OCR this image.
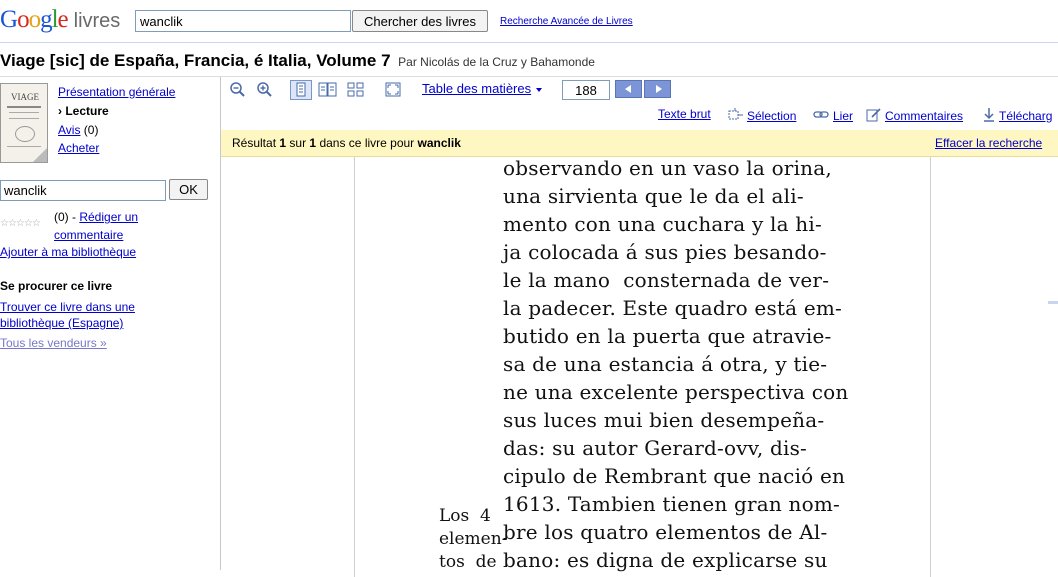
Google livres
wanclik	Chercher des livres	Recherche Avancée de Livres
Viage [sic] de España, Francia, é Italia, Volume 7 Par Nicolás de la Cruz y Bahamonde
VIAGE Présentation générale
› Lecture
Avis (0)
Acheter
wanclik
OK
☆☆☆☆☆ (0) - Rédiger un commentaire
Ajouter à ma bibliothèque
Se procurer ce livre
Trouver ce livre dans une bibliothèque (Espagne)
Tous les vendeurs »
Table des matières
188
Texte brut	Sélection	Lier	Commentaires	Télécharg
Résultat 1 sur 1 dans ce livre pour wanclik	Effacer la recherche
observando en un vaso la orina,
una sirvienta que le da el ali-
mento con una cuchara y la hi-
ja colocada á sus pies besando-
le la mano  consternada de ver-
la padecer. Este quadro está em-
butido en la puerta que atravie-
sa de una estancia á otra, y tie-
ne una excelente perspectiva con
sus luces mui bien desempeña-
das: su autor Gerard-ovv, dis-
cipulo de Rembrant que nació en
1613. Tambien tienen gran nom-
bre los quatro elementos de Al-
bano: es digna de explicarse su
Los  4
elemen-
tos  de
